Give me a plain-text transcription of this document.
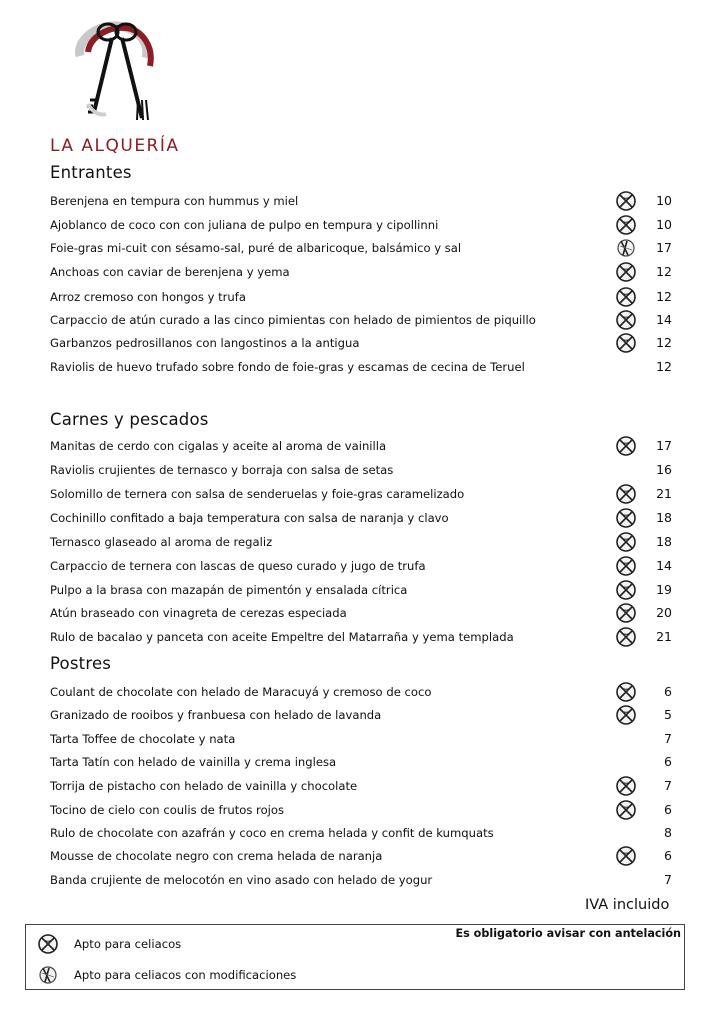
LA ALQUERÍA
Entrantes
Carnes y pescados
Postres
Berenjena en tempura con hummus y miel	10
Ajoblanco de coco con con juliana de pulpo en tempura y cipollinni	10
Foie-gras mi-cuit con sésamo-sal, puré de albaricoque, balsámico y sal	17
Anchoas con caviar de berenjena y yema	12
Arroz cremoso con hongos y trufa	12
Carpaccio de atún curado a las cinco pimientas con helado de pimientos de piquillo	14
Garbanzos pedrosillanos con langostinos a la antigua	12
Raviolis de huevo trufado sobre fondo de foie-gras y escamas de cecina de Teruel	12
Manitas de cerdo con cigalas y aceite al aroma de vainilla	17
Raviolis crujientes de ternasco y borraja con salsa de setas	16
Solomillo de ternera con salsa de senderuelas y foie-gras caramelizado	21
Cochinillo confitado a baja temperatura con salsa de naranja y clavo	18
Ternasco glaseado al aroma de regaliz	18
Carpaccio de ternera con lascas de queso curado y jugo de trufa	14
Pulpo a la brasa con mazapán de pimentón y ensalada cítrica	19
Atún braseado con vinagreta de cerezas especiada	20
Rulo de bacalao y panceta con aceite Empeltre del Matarraña y yema templada	21
Coulant de chocolate con helado de Maracuyá y cremoso de coco	6
Granizado de rooibos y franbuesa con helado de lavanda	5
Tarta Toffee de chocolate y nata	7
Tarta Tatín con helado de vainilla y crema inglesa	6
Torrija de pistacho con helado de vainilla y chocolate	7
Tocino de cielo con coulis de frutos rojos	6
Rulo de chocolate con azafrán y coco en crema helada y confit de kumquats	8
Mousse de chocolate negro con crema helada de naranja	6
Banda crujiente de melocotón en vino asado con helado de yogur	7
IVA incluido
Es obligatorio avisar con antelación
Apto para celiacos
Apto para celiacos con modificaciones
